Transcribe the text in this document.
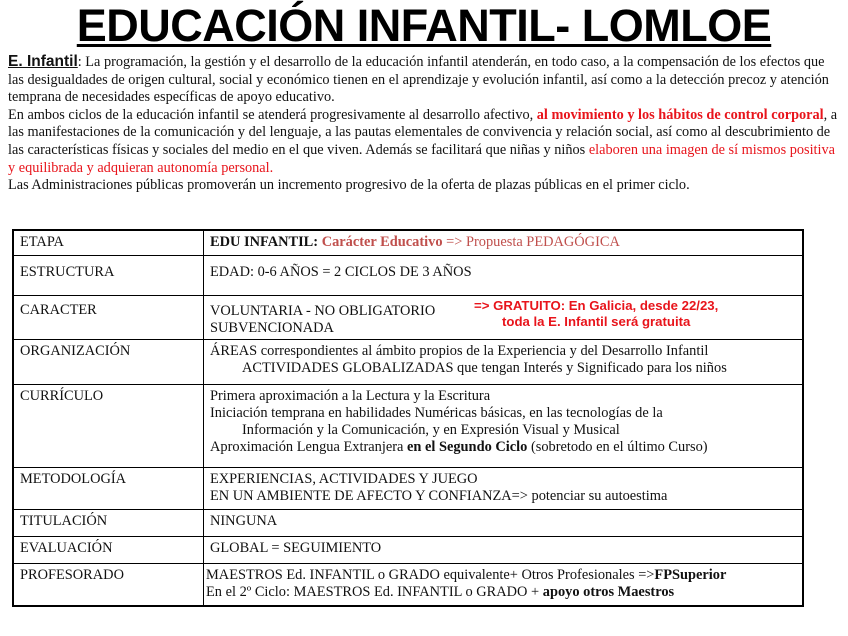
EDUCACIÓN INFANTIL- LOMLOE

E. Infantil: La programación, la gestión y el desarrollo de la educación infantil atenderán, en todo caso, a la compensación de los efectos que las desigualdades de origen cultural, social y económico tienen en el aprendizaje y evolución infantil, así como a la detección precoz y atención temprana de necesidades específicas de apoyo educativo.

En ambos ciclos de la educación infantil se atenderá progresivamente al desarrollo afectivo, al movimiento y los hábitos de control corporal, a las manifestaciones de la comunicación y del lenguaje, a las pautas elementales de convivencia y relación social, así como al descubrimiento de las características físicas y sociales del medio en el que viven. Además se facilitará que niñas y niños elaboren una imagen de sí mismos positiva y equilibrada y adquieran autonomía personal.

Las Administraciones públicas promoverán un incremento progresivo de la oferta de plazas públicas en el primer ciclo.

ETAPA	EDU INFANTIL: Carácter Educativo => Propuesta PEDAGÓGICA
ESTRUCTURA	EDAD: 0-6 AÑOS = 2 CICLOS DE 3 AÑOS
CARACTER	VOLUNTARIA - NO OBLIGATORIO
SUBVENCIONADA
=> GRATUITO: En Galicia, desde 22/23,
toda la E. Infantil será gratuita

ORGANIZACIÓN	ÁREAS correspondientes al ámbito propios de la Experiencia y del Desarrollo Infantil
ACTIVIDADES GLOBALIZADAS que tengan Interés y Significado para los niños

CURRÍCULO	Primera aproximación a la Lectura y la Escritura
Iniciación temprana en habilidades Numéricas básicas, en las tecnologías de la
Información y la Comunicación, y en Expresión Visual y Musical
Aproximación Lengua Extranjera en el Segundo Ciclo (sobretodo en el último Curso)

METODOLOGÍA	EXPERIENCIAS, ACTIVIDADES Y JUEGO
EN UN AMBIENTE DE AFECTO Y CONFIANZA=> potenciar su autoestima

TITULACIÓN	NINGUNA
EVALUACIÓN	GLOBAL = SEGUIMIENTO
PROFESORADO	MAESTROS Ed. INFANTIL o GRADO equivalente+ Otros Profesionales =>FPSuperior
En el 2º Ciclo: MAESTROS Ed. INFANTIL o GRADO + apoyo otros Maestros
